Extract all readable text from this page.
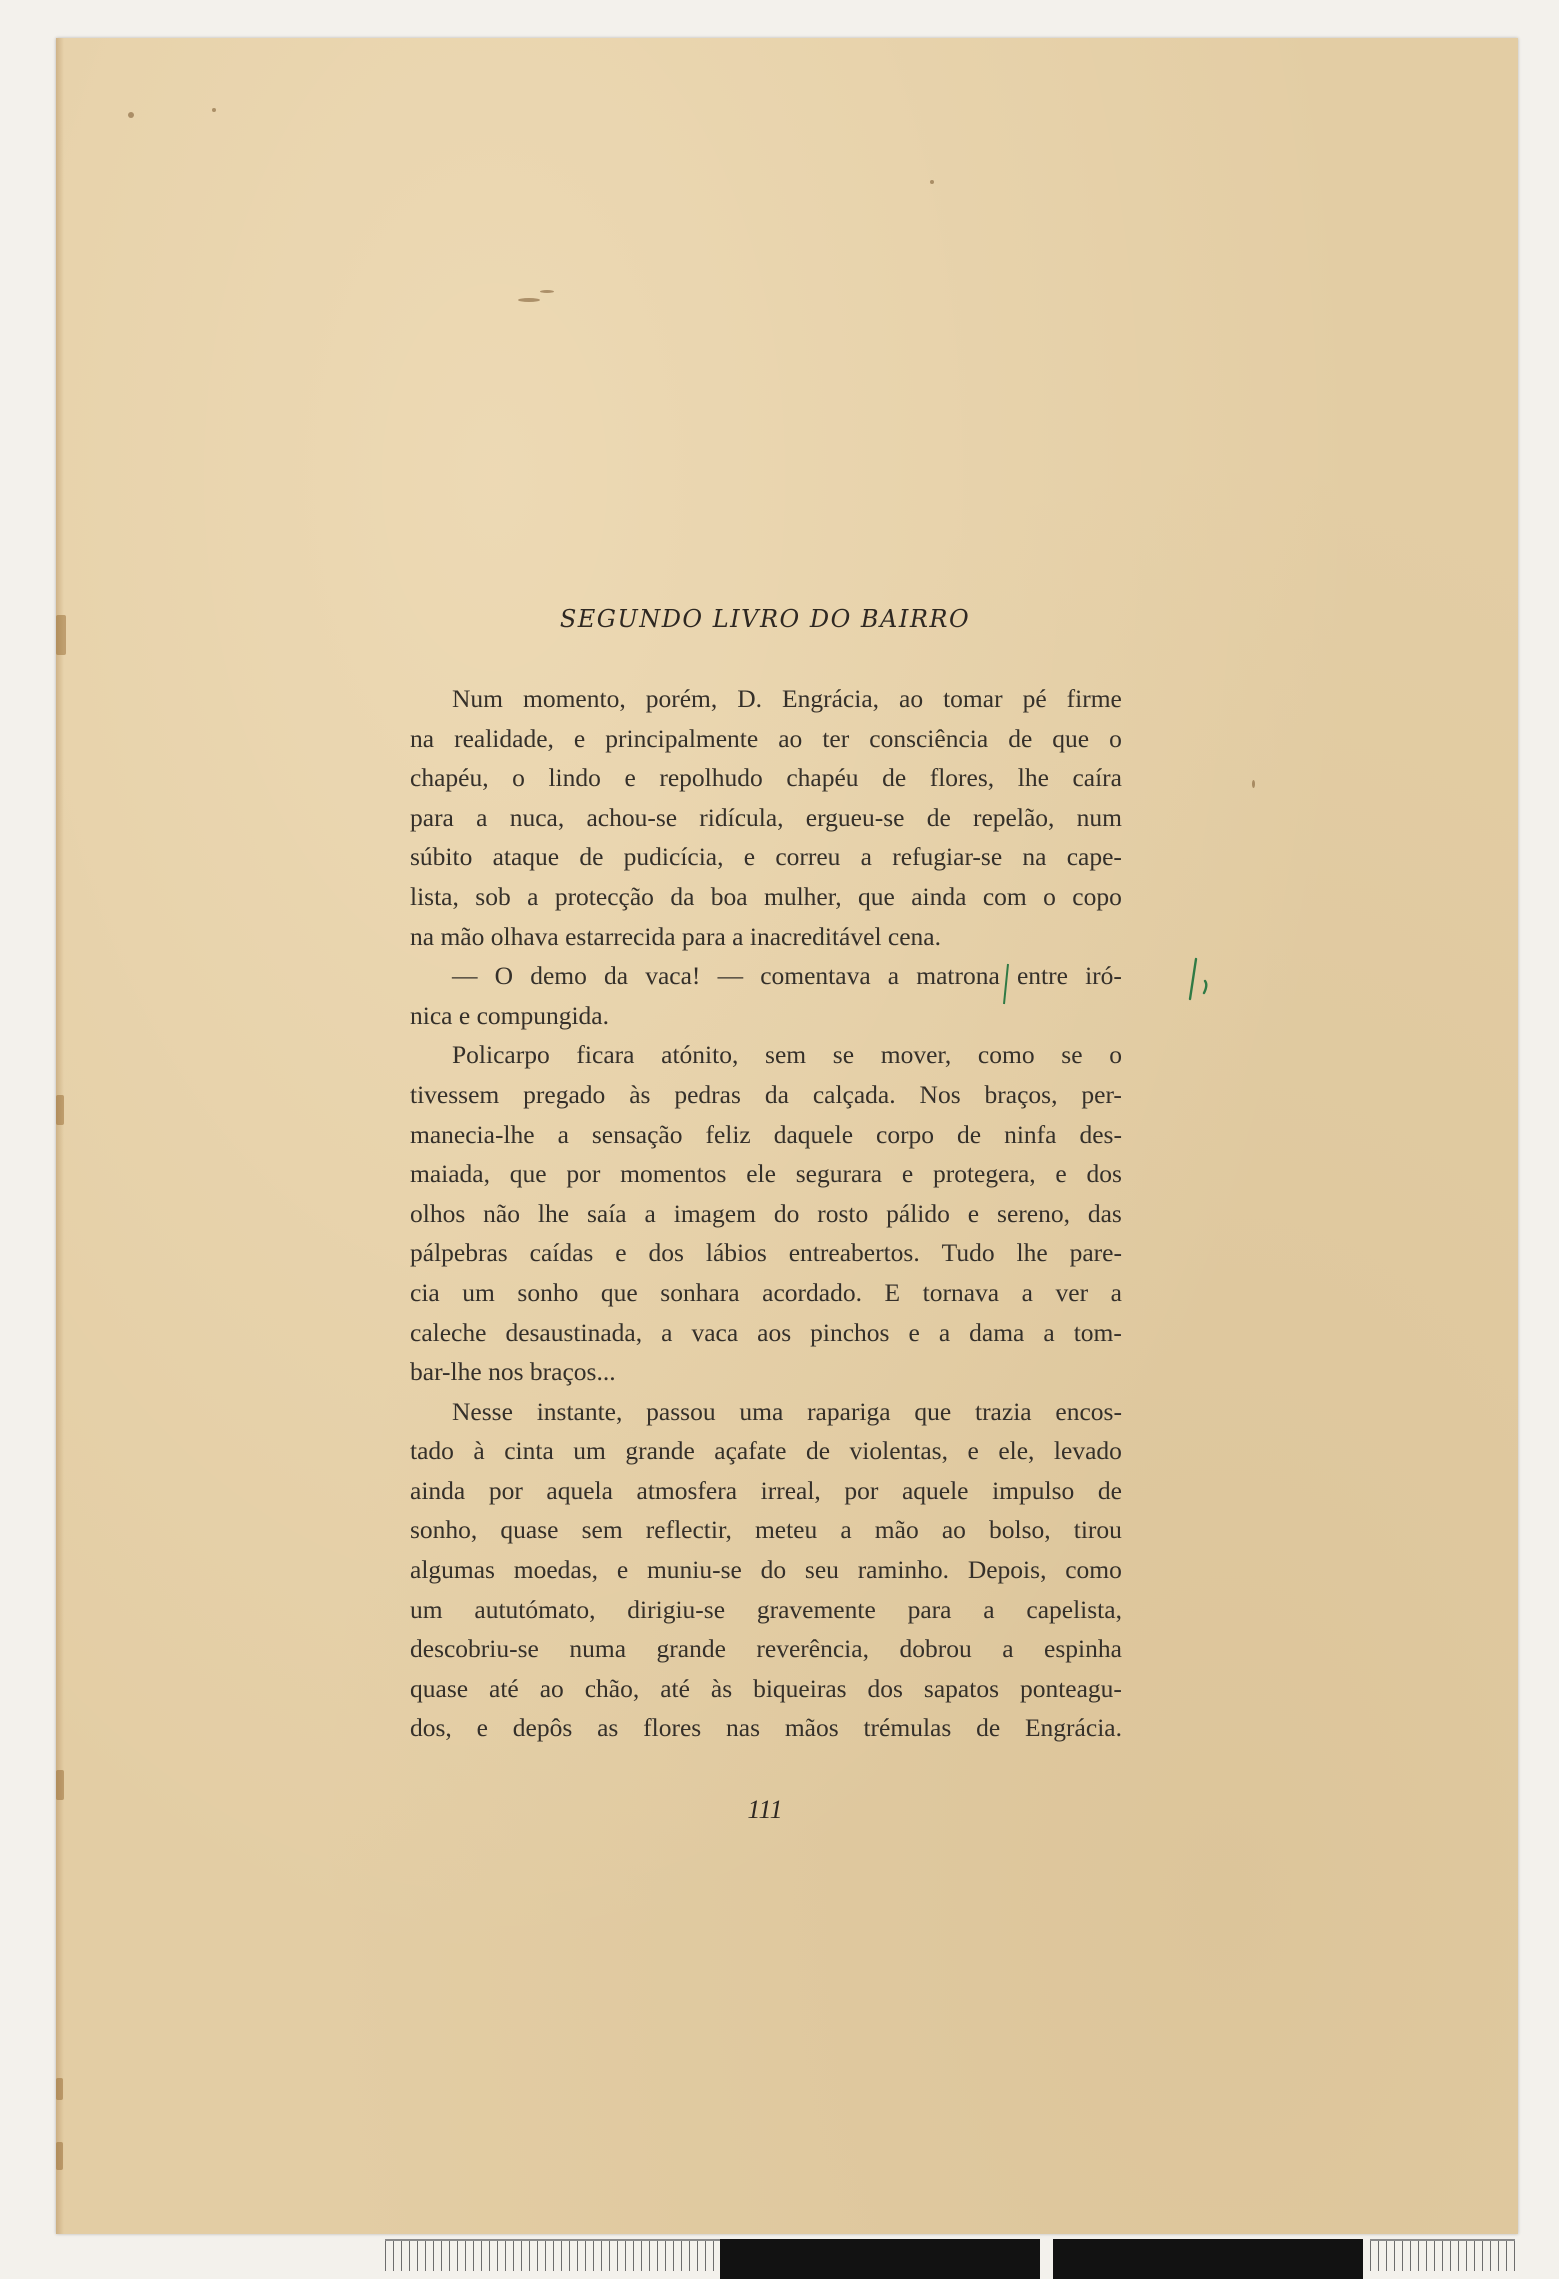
SEGUNDO LIVRO DO BAIRRO
Num momento, porém, D. Engrácia, ao tomar pé firme
na realidade, e principalmente ao ter consciência de que o
chapéu, o lindo e repolhudo chapéu de flores, lhe caíra
para a nuca, achou-se ridícula, ergueu-se de repelão, num
súbito ataque de pudicícia, e correu a refugiar-se na cape-
lista, sob a protecção da boa mulher, que ainda com o copo
na mão olhava estarrecida para a inacreditável cena.
— O demo da vaca! — comentava a matrona entre iró-
nica e compungida.
Policarpo ficara atónito, sem se mover, como se o
tivessem pregado às pedras da calçada. Nos braços, per-
manecia-lhe a sensação feliz daquele corpo de ninfa des-
maiada, que por momentos ele segurara e protegera, e dos
olhos não lhe saía a imagem do rosto pálido e sereno, das
pálpebras caídas e dos lábios entreabertos. Tudo lhe pare-
cia um sonho que sonhara acordado. E tornava a ver a
caleche desaustinada, a vaca aos pinchos e a dama a tom-
bar-lhe nos braços...
Nesse instante, passou uma rapariga que trazia encos-
tado à cinta um grande açafate de violentas, e ele, levado
ainda por aquela atmosfera irreal, por aquele impulso de
sonho, quase sem reflectir, meteu a mão ao bolso, tirou
algumas moedas, e muniu-se do seu raminho. Depois, como
um aututómato, dirigiu-se gravemente para a capelista,
descobriu-se numa grande reverência, dobrou a espinha
quase até ao chão, até às biqueiras dos sapatos ponteagu-
dos, e depôs as flores nas mãos trémulas de Engrácia.
111
